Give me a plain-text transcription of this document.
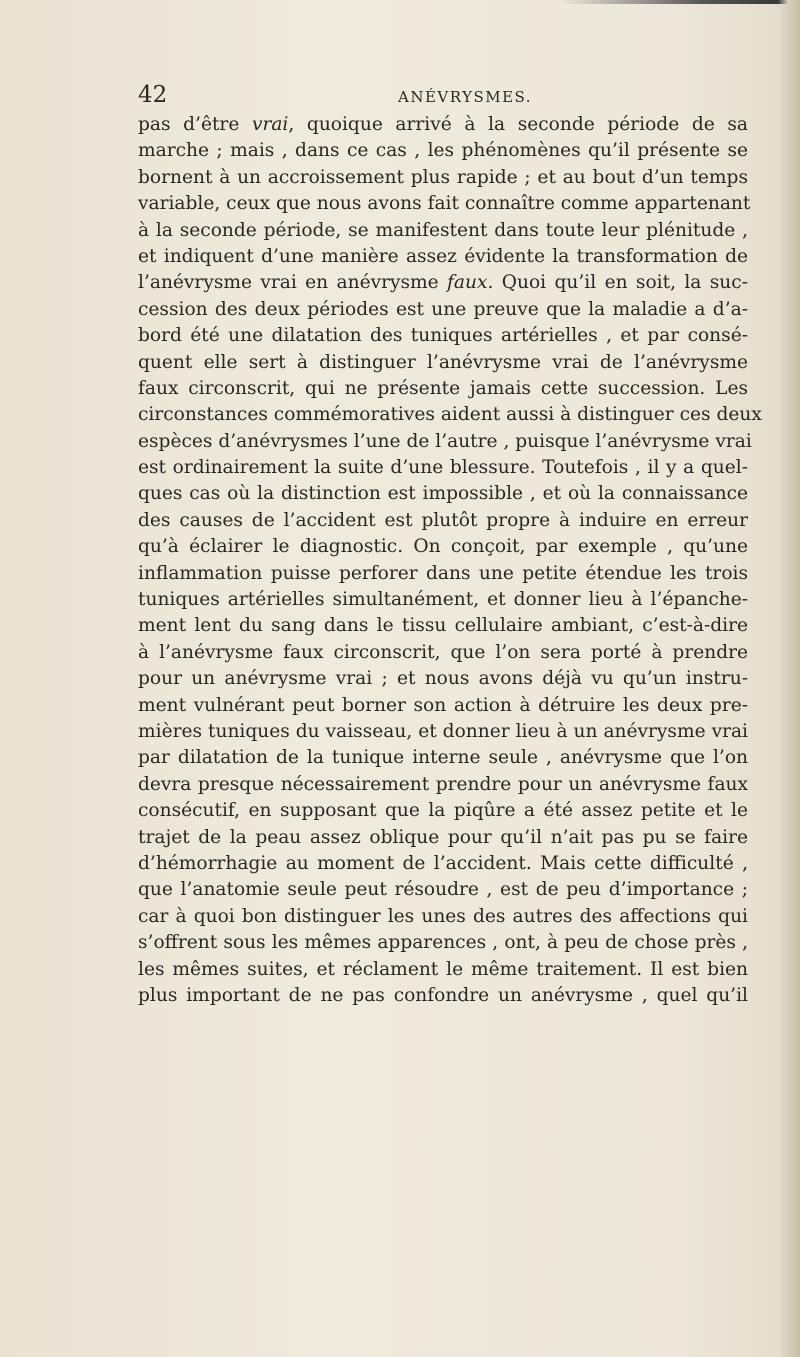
42	ANÉVRYSMES.
pas d’être vrai, quoique arrivé à la seconde période de sa
marche ; mais , dans ce cas , les phénomènes qu’il présente se
bornent à un accroissement plus rapide ; et au bout d’un temps
variable, ceux que nous avons fait connaître comme appartenant
à la seconde période, se manifestent dans toute leur plénitude ,
et indiquent d’une manière assez évidente la transformation de
l’anévrysme vrai en anévrysme faux. Quoi qu’il en soit, la suc-
cession des deux périodes est une preuve que la maladie a d’a-
bord été une dilatation des tuniques artérielles , et par consé-
quent elle sert à distinguer l’anévrysme vrai de l’anévrysme
faux circonscrit, qui ne présente jamais cette succession. Les
circonstances commémoratives aident aussi à distinguer ces deux
espèces d’anévrysmes l’une de l’autre , puisque l’anévrysme vrai
est ordinairement la suite d’une blessure. Toutefois , il y a quel-
ques cas où la distinction est impossible , et où la connaissance
des causes de l’accident est plutôt propre à induire en erreur
qu’à éclairer le diagnostic. On conçoit, par exemple , qu’une
inflammation puisse perforer dans une petite étendue les trois
tuniques artérielles simultanément, et donner lieu à l’épanche-
ment lent du sang dans le tissu cellulaire ambiant, c’est-à-dire
à l’anévrysme faux circonscrit, que l’on sera porté à prendre
pour un anévrysme vrai ; et nous avons déjà vu qu’un instru-
ment vulnérant peut borner son action à détruire les deux pre-
mières tuniques du vaisseau, et donner lieu à un anévrysme vrai
par dilatation de la tunique interne seule , anévrysme que l’on
devra presque nécessairement prendre pour un anévrysme faux
consécutif, en supposant que la piqûre a été assez petite et le
trajet de la peau assez oblique pour qu’il n’ait pas pu se faire
d’hémorrhagie au moment de l’accident. Mais cette difficulté ,
que l’anatomie seule peut résoudre , est de peu d’importance ;
car à quoi bon distinguer les unes des autres des affections qui
s’offrent sous les mêmes apparences , ont, à peu de chose près ,
les mêmes suites, et réclament le même traitement. Il est bien
plus important de ne pas confondre un anévrysme , quel qu’il
